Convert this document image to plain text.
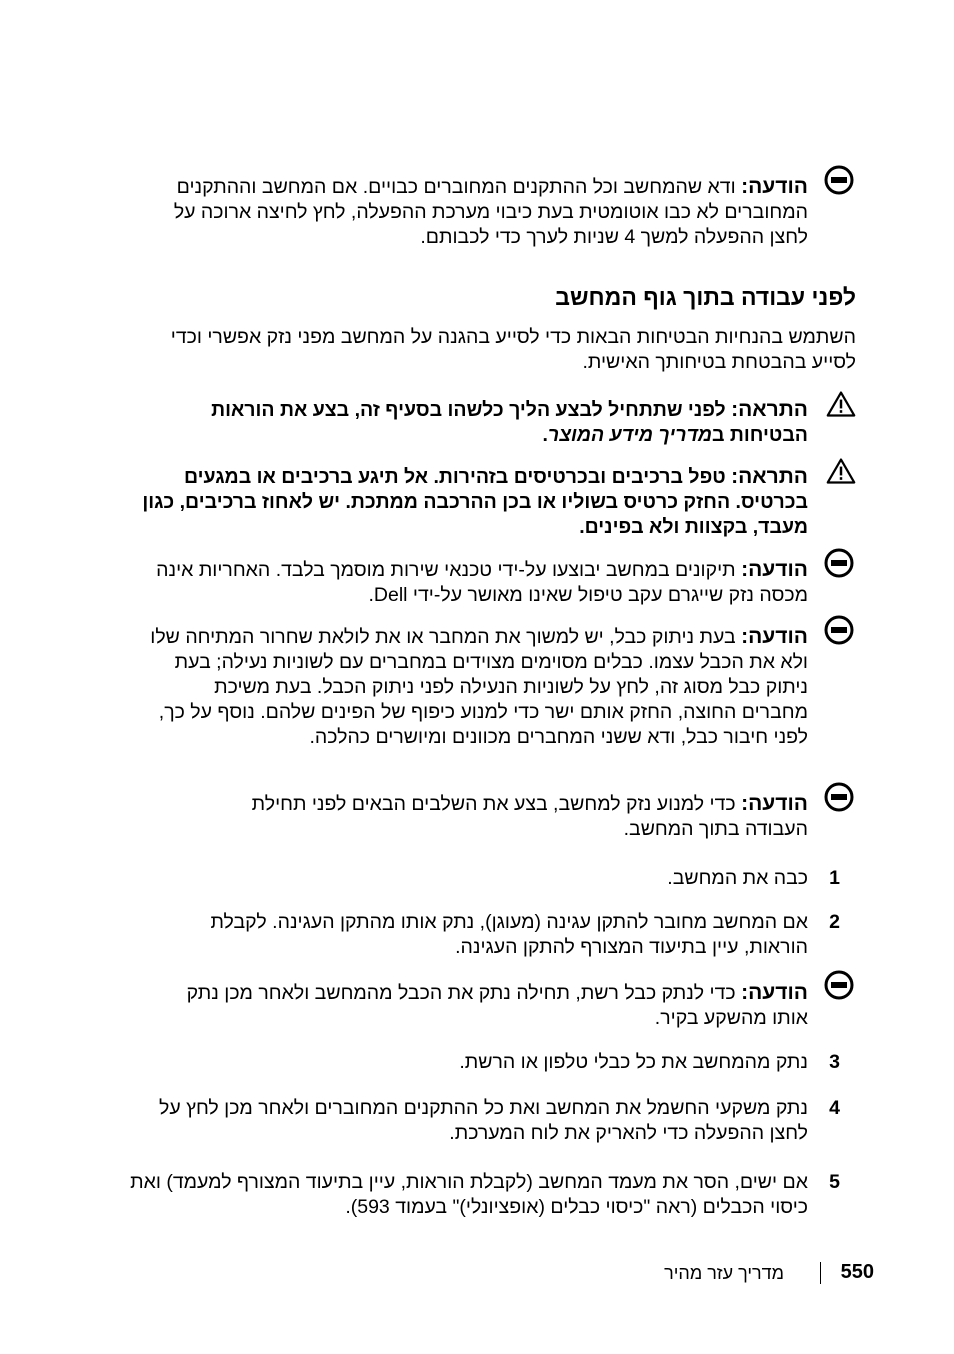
הודעה: ודא שהמחשב וכל ההתקנים המחוברים כבויים. אם המחשב וההתקנים המחוברים לא כבו אוטומטית בעת כיבוי מערכת ההפעלה, לחץ לחיצה ארוכה על לחצן ההפעלה למשך 4 שניות לערך כדי לכבותם.
לפני עבודה בתוך גוף המחשב
השתמש בהנחיות הבטיחות הבאות כדי לסייע בהגנה על המחשב מפני נזק אפשרי וכדי לסייע בהבטחת בטיחותך האישית.
התראה: לפני שתתחיל לבצע הליך כלשהו בסעיף זה, בצע את הוראות הבטיחות במדריך מידע המוצר.
התראה: טפל ברכיבים ובכרטיסים בזהירות. אל תיגע ברכיבים או במגעים בכרטיס. החזק כרטיס בשוליו או בכן ההרכבה ממתכת. יש לאחוז ברכיבים, כגון מעבד, בקצוות ולא בפינים.
הודעה: תיקונים במחשב יבוצעו על-ידי טכנאי שירות מוסמך בלבד. האחריות אינה מכסה נזק שייגרם עקב טיפול שאינו מאושר על-ידי Dell.
הודעה: בעת ניתוק כבל, יש למשוך את המחבר או את לולאת שחרור המתיחה שלו ולא את הכבל עצמו. כבלים מסוימים מצוידים במחברים עם לשוניות נעילה; בעת ניתוק כבל מסוג זה, לחץ על לשוניות הנעילה לפני ניתוק הכבל. בעת משיכת מחברים החוצה, החזק אותם ישר כדי למנוע כיפוף של הפינים שלהם. נוסף על כך, לפני חיבור כבל, ודא ששני המחברים מכוונים ומיושרים כהלכה.
הודעה: כדי למנוע נזק למחשב, בצע את השלבים הבאים לפני תחילת העבודה בתוך המחשב.
1
כבה את המחשב.
2
אם המחשב מחובר להתקן עגינה (מעוגן), נתק אותו מהתקן העגינה. לקבלת הוראות, עיין בתיעוד המצורף להתקן העגינה.
הודעה: כדי לנתק כבל רשת, תחילה נתק את הכבל מהמחשב ולאחר מכן נתק אותו מהשקע בקיר.
3
נתק מהמחשב את כל כבלי טלפון או הרשת.
4
נתק משקעי החשמל את המחשב ואת כל ההתקנים המחוברים ולאחר מכן לחץ על לחצן ההפעלה כדי להאריק את לוח המערכת.
5
אם ישים, הסר את מעמד המחשב (לקבלת הוראות, עיין בתיעוד המצורף למעמד) ואת כיסוי הכבלים (ראה "כיסוי כבלים (אופציונלי)" בעמוד 593).
550
מדריך עזר מהיר
